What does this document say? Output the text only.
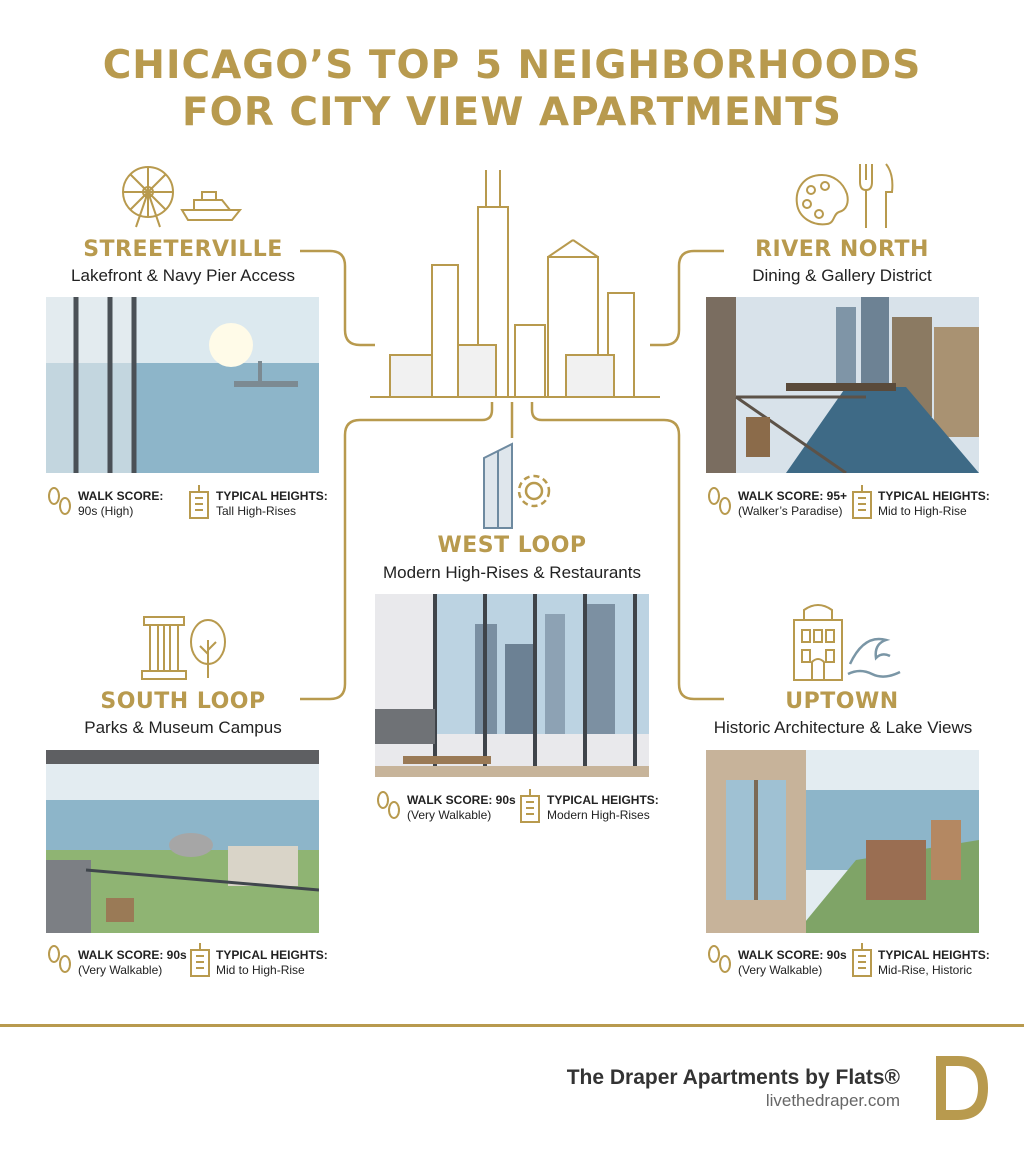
CHICAGO’S TOP 5 NEIGHBORHOODS
FOR CITY VIEW APARTMENTS
STREETERVILLE
Lakefront & Navy Pier Access
WALK SCORE:
90s (High)
TYPICAL HEIGHTS:
Tall High-Rises
RIVER NORTH
Dining & Gallery District
WALK SCORE: 95+
(Walker’s Paradise)
TYPICAL HEIGHTS:
Mid to High-Rise
WEST LOOP
Modern High-Rises & Restaurants
WALK SCORE: 90s
(Very Walkable)
TYPICAL HEIGHTS:
Modern High-Rises
SOUTH LOOP
Parks & Museum Campus
WALK SCORE: 90s
(Very Walkable)
TYPICAL HEIGHTS:
Mid to High-Rise
UPTOWN
Historic Architecture & Lake Views
WALK SCORE: 90s
(Very Walkable)
TYPICAL HEIGHTS:
Mid-Rise, Historic
The Draper Apartments by Flats®
livethedraper.com
